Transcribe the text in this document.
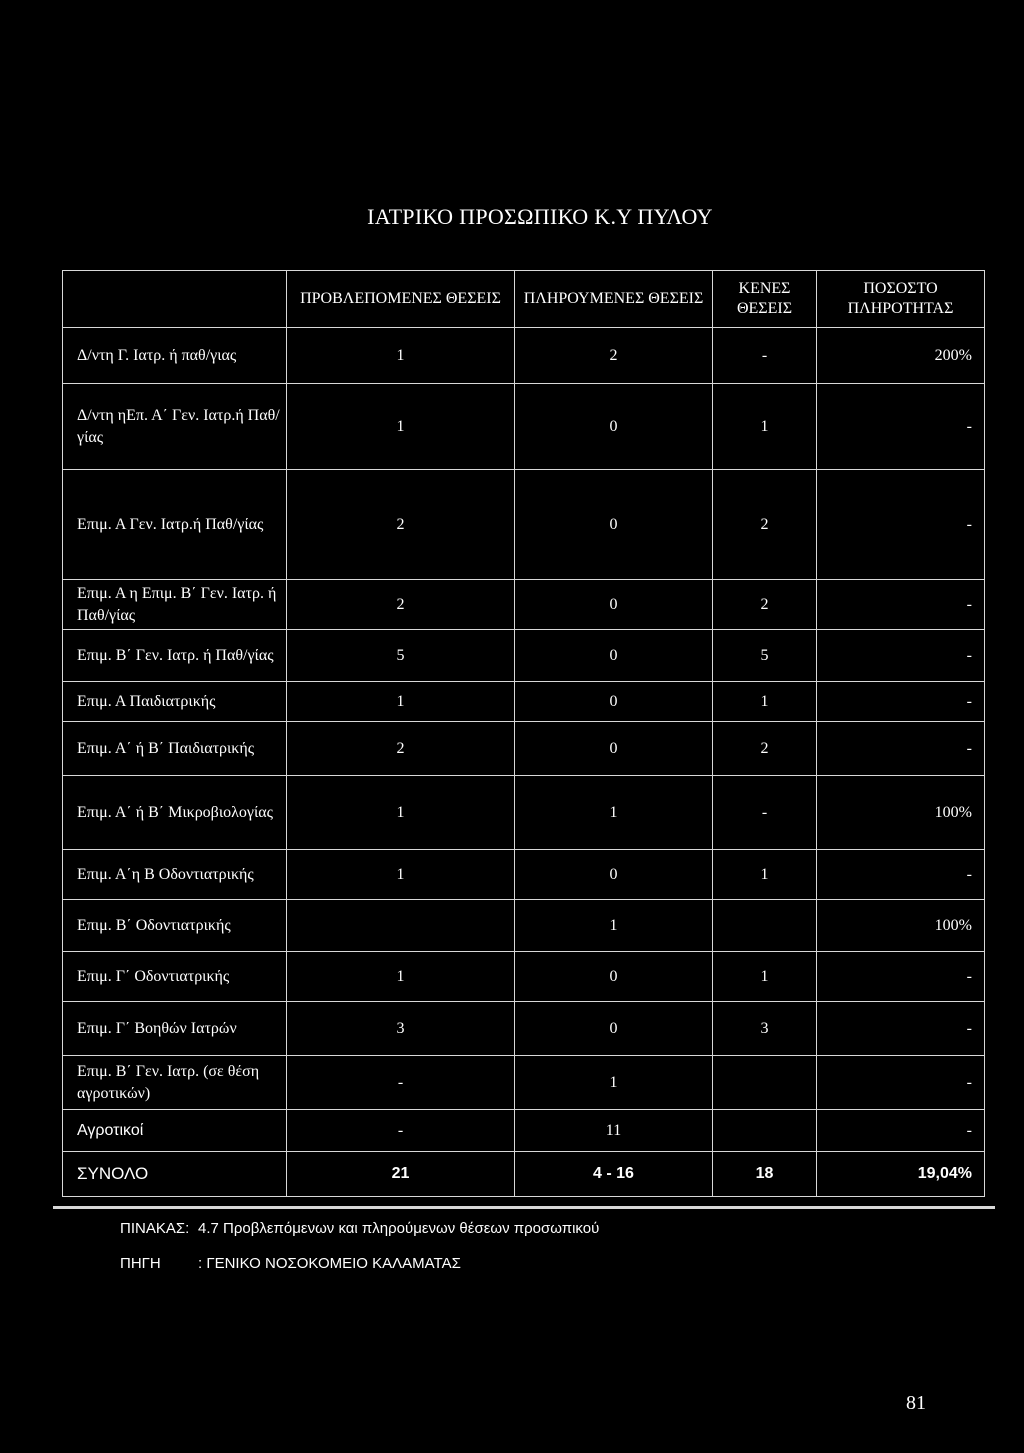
ΙΑΤΡΙΚΟ ΠΡΟΣΩΠΙΚΟ Κ.Υ ΠΥΛΟΥ
	ΠΡΟΒΛΕΠΟΜΕΝΕΣ ΘΕΣΕΙΣ	ΠΛΗΡΟΥΜΕΝΕΣ ΘΕΣΕΙΣ	ΚΕΝΕΣ ΘΕΣΕΙΣ	ΠΟΣΟΣΤΟ ΠΛΗΡΟΤΗΤΑΣ
Δ/ντη Γ. Ιατρ. ή παθ/γιας	1	2	-	200%
Δ/ντη ηΕπ. Α΄ Γεν. Ιατρ.ή Παθ/γίας	1	0	1	-
Επιμ. Α Γεν. Ιατρ.ή Παθ/γίας	2	0	2	-
Επιμ. Α η Επιμ. Β΄ Γεν. Ιατρ. ή Παθ/γίας	2	0	2	-
Επιμ. Β΄ Γεν. Ιατρ. ή Παθ/γίας	5	0	5	-
Επιμ. Α Παιδιατρικής	1	0	1	-
Επιμ. Α΄ ή Β΄ Παιδιατρικής	2	0	2	-
Επιμ. Α΄ ή Β΄ Μικροβιολογίας	1	1	-	100%
Επιμ. Α΄η Β Οδοντιατρικής	1	0	1	-
Επιμ. Β΄ Οδοντιατρικής		1		100%
Επιμ. Γ΄ Οδοντιατρικής	1	0	1	-
Επιμ. Γ΄ Βοηθών Ιατρών	3	0	3	-
Επιμ. Β΄ Γεν. Ιατρ. (σε θέση αγροτικών)	-	1		-
Αγροτικοί	-	11		-
ΣΥΝΟΛΟ	21	4 - 16	18	19,04%
ΠΙΝΑΚΑΣ: 4.7 Προβλεπόμενων και πληρούμενων θέσεων προσωπικού
ΠΗΓΗ : ΓΕΝΙΚΟ ΝΟΣΟΚΟΜΕΙΟ ΚΑΛΑΜΑΤΑΣ
81
